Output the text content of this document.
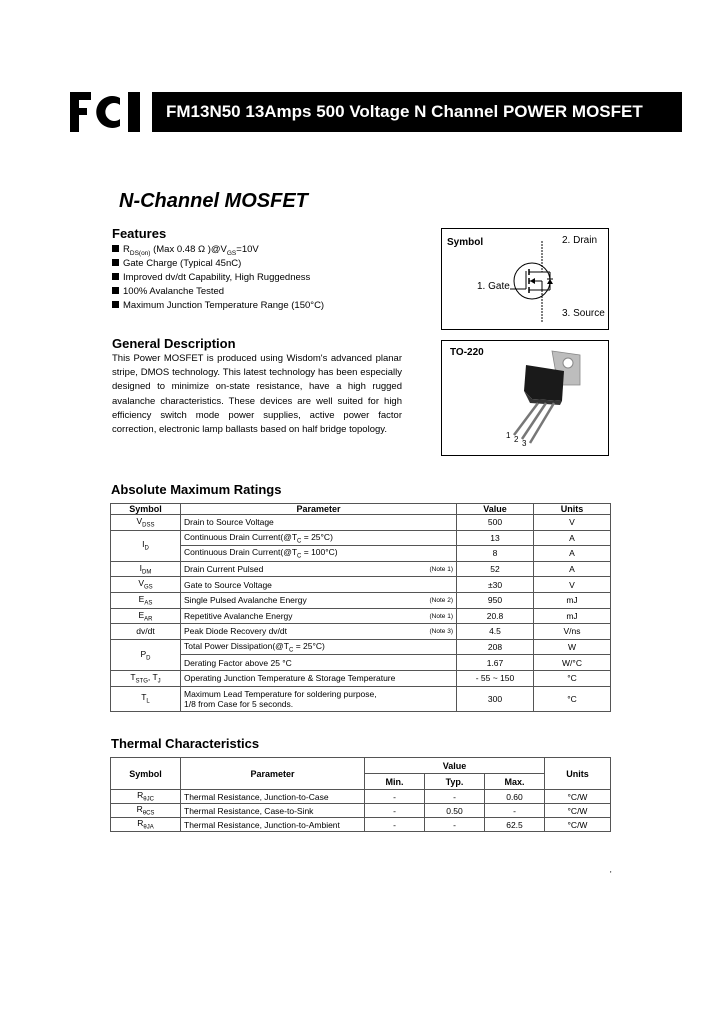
FM13N50 13Amps 500 Voltage N Channel POWER MOSFET
N-Channel MOSFET
Features
$R_{DS(on)}$ (Max 0.48 Ω )$@V_{GS}=10V$
Gate Charge (Typical 45nC)
Improved dv/dt Capability, High Ruggedness
100% Avalanche Tested
Maximum Junction Temperature Range (150°C)
General Description
This Power MOSFET is produced using Wisdom's advanced planar stripe, DMOS technology. This latest technology has been especially designed to minimize on-state resistance, have a high rugged avalanche characteristics. These devices are well suited for high efficiency switch mode power supplies, active power factor correction, electronic lamp ballasts based on half bridge topology.
Symbol	2. Drain
1. Gate
3. Source
TO-220
1 2 3
Absolute Maximum Ratings
Symbol	Parameter	Value	Units
$V_{DSS}$	Drain to Source Voltage	500	V
$I_D$	Continuous Drain $Current(@T_C = 25^\circ C)$	13	A
	Continuous Drain $Current(@T_C = 100^\circ C)$	8	A
$I_{DM}$	Drain Current Pulsed (Note 1)	52	A
$V_{GS}$	Gate to Source Voltage	±30	V
$E_{AS}$	Single Pulsed Avalanche Energy (Note 2)	950	mJ
$E_{AR}$	Repetitive Avalanche Energy (Note 1)	20.8	mJ
dv/dt	Peak Diode Recovery dv/dt (Note 3)	4.5	V/ns
$P_D$	Total Power $Dissipation(@T_C = 25^\circ C)$	208	W
	Derating Factor above 25 °C	1.67	W/°C
$T_{STG}$, $T_J$	Operating Junction Temperature & Storage Temperature	- 55 ~ 150	°C
$T_L$	Maximum Lead Temperature for soldering purpose,
1/8 from Case for 5 seconds.	300	°C
Thermal Characteristics
Symbol	Parameter	Value			Units
		Min.	Typ.	Max.	
$R_{\theta JC}$	Thermal Resistance, Junction-to-Case	-	-	0.60	°C/W
$R_{\theta CS}$	Thermal Resistance, Case-to-Sink	-	0.50	-	°C/W
$R_{\theta JA}$	Thermal Resistance, Junction-to-Ambient	-	-	62.5	°C/W
'
